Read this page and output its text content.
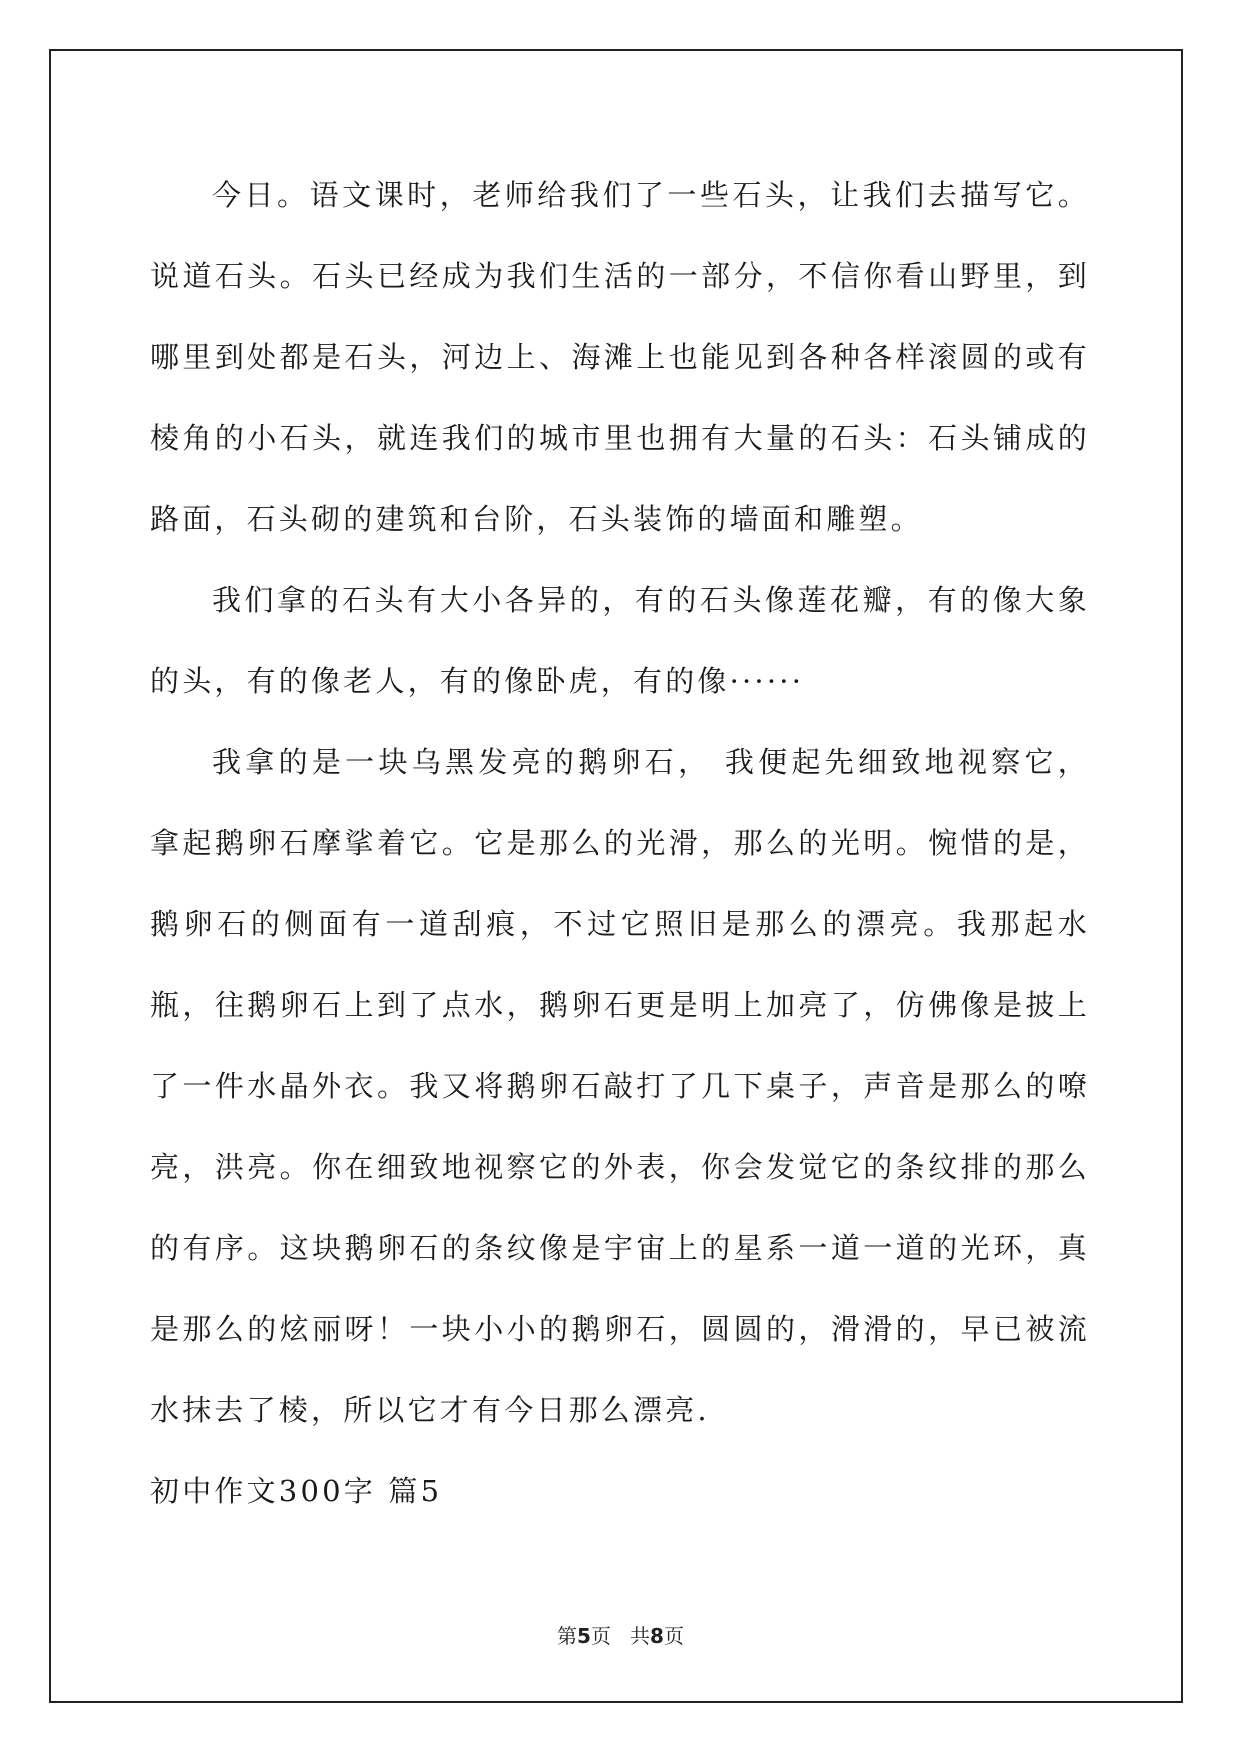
今日。语文课时，老师给我们了一些石头，让我们去描写它。说道石头。石头已经成为我们生活的一部分，不信你看山野里，到哪里到处都是石头，河边上、海滩上也能见到各种各样滚圆的或有棱角的小石头，就连我们的城市里也拥有大量的石头：石头铺成的路面，石头砌的建筑和台阶，石头装饰的墙面和雕塑。

我们拿的石头有大小各异的，有的石头像莲花瓣，有的像大象的头，有的像老人，有的像卧虎，有的像······

我拿的是一块乌黑发亮的鹅卵石， 我便起先细致地视察它，拿起鹅卵石摩挲着它。它是那么的光滑，那么的光明。惋惜的是，鹅卵石的侧面有一道刮痕，不过它照旧是那么的漂亮。我那起水瓶，往鹅卵石上到了点水，鹅卵石更是明上加亮了，仿佛像是披上了一件水晶外衣。我又将鹅卵石敲打了几下桌子，声音是那么的嘹亮，洪亮。你在细致地视察它的外表，你会发觉它的条纹排的那么的有序。这块鹅卵石的条纹像是宇宙上的星系一道一道的光环，真是那么的炫丽呀！一块小小的鹅卵石，圆圆的，滑滑的，早已被流水抹去了棱，所以它才有今日那么漂亮.

初中作文300字 篇5

第5页 共8页
